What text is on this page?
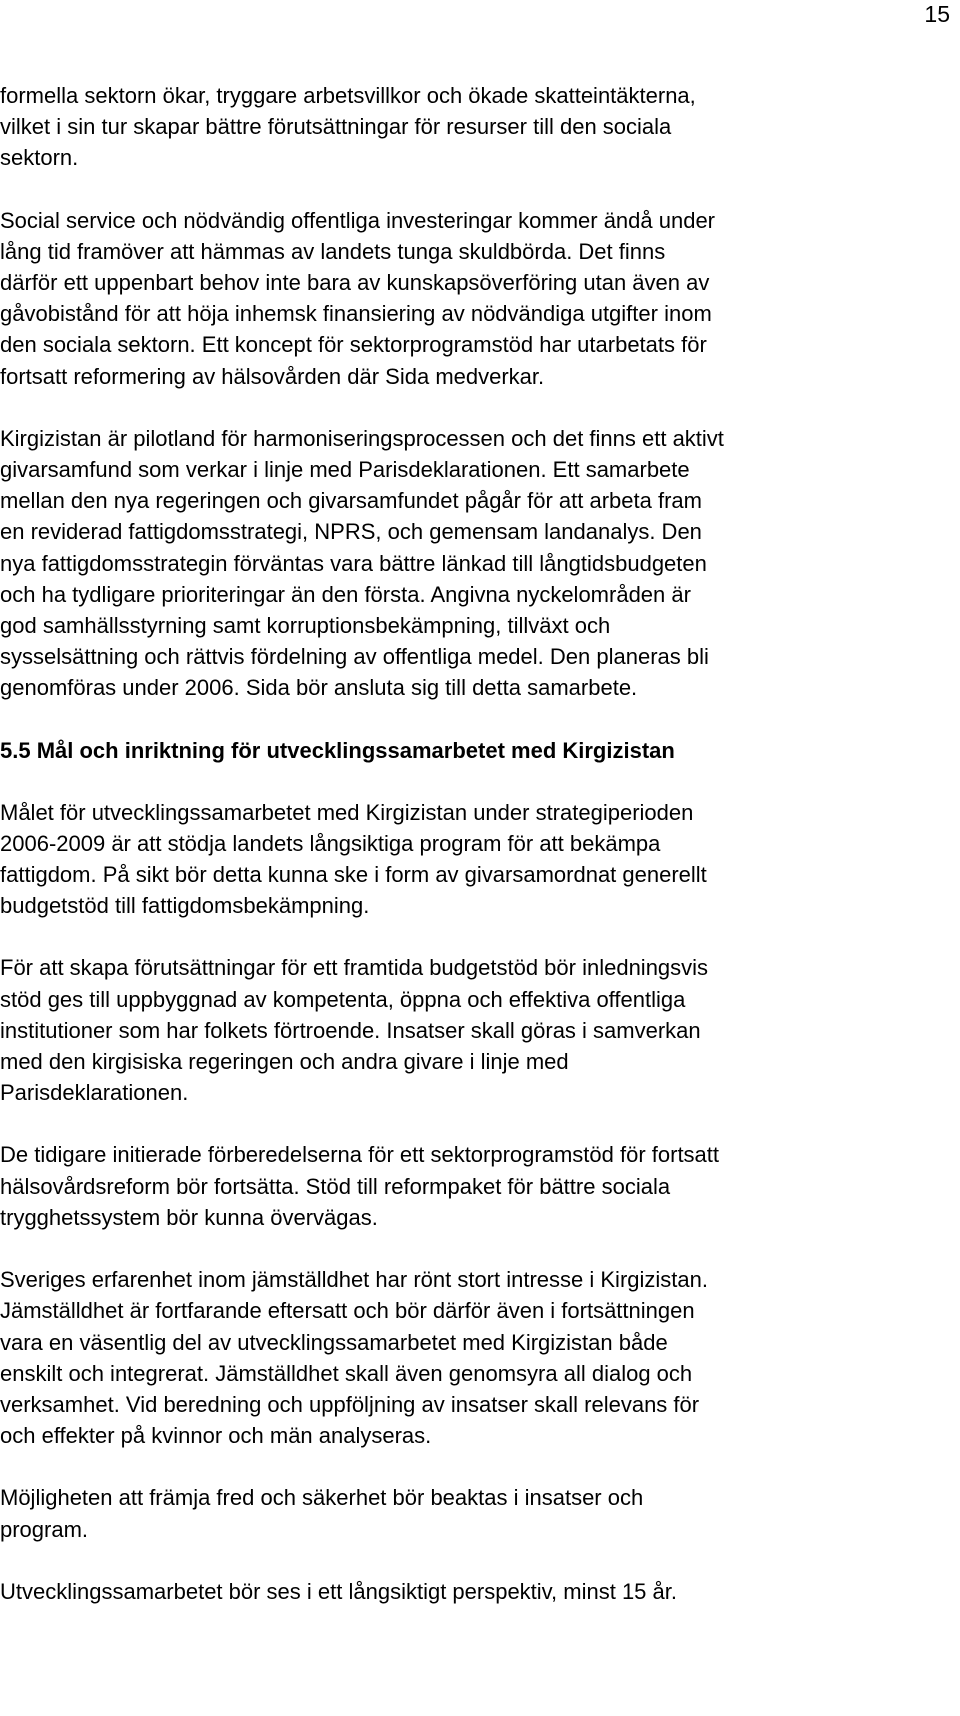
15

formella sektorn ökar, tryggare arbetsvillkor och ökade skatteintäkterna,
vilket i sin tur skapar bättre förutsättningar för resurser till den sociala
sektorn.

Social service och nödvändig offentliga investeringar kommer ändå under
lång tid framöver att hämmas av landets tunga skuldbörda. Det finns
därför ett uppenbart behov inte bara av kunskapsöverföring utan även av
gåvobistånd för att höja inhemsk finansiering av nödvändiga utgifter inom
den sociala sektorn. Ett koncept för sektorprogramstöd har utarbetats för
fortsatt reformering av hälsovården där Sida medverkar.

Kirgizistan är pilotland för harmoniseringsprocessen och det finns ett aktivt
givarsamfund som verkar i linje med Parisdeklarationen. Ett samarbete
mellan den nya regeringen och givarsamfundet pågår för att arbeta fram
en reviderad fattigdomsstrategi, NPRS, och gemensam landanalys. Den
nya fattigdomsstrategin förväntas vara bättre länkad till långtidsbudgeten
och ha tydligare prioriteringar än den första. Angivna nyckelområden är
god samhällsstyrning samt korruptionsbekämpning, tillväxt och
sysselsättning och rättvis fördelning av offentliga medel. Den planeras bli
genomföras under 2006. Sida bör ansluta sig till detta samarbete.

5.5 Mål och inriktning för utvecklingssamarbetet med Kirgizistan

Målet för utvecklingssamarbetet med Kirgizistan under strategiperioden
2006-2009 är att stödja landets långsiktiga program för att bekämpa
fattigdom. På sikt bör detta kunna ske i form av givarsamordnat generellt
budgetstöd till fattigdomsbekämpning.

För att skapa förutsättningar för ett framtida budgetstöd bör inledningsvis
stöd ges till uppbyggnad av kompetenta, öppna och effektiva offentliga
institutioner som har folkets förtroende. Insatser skall göras i samverkan
med den kirgisiska regeringen och andra givare i linje med
Parisdeklarationen.

De tidigare initierade förberedelserna för ett sektorprogramstöd för fortsatt
hälsovårdsreform bör fortsätta. Stöd till reformpaket för bättre sociala
trygghetssystem bör kunna övervägas.

Sveriges erfarenhet inom jämställdhet har rönt stort intresse i Kirgizistan.
Jämställdhet är fortfarande eftersatt och bör därför även i fortsättningen
vara en väsentlig del av utvecklingssamarbetet med Kirgizistan både
enskilt och integrerat. Jämställdhet skall även genomsyra all dialog och
verksamhet. Vid beredning och uppföljning av insatser skall relevans för
och effekter på kvinnor och män analyseras.

Möjligheten att främja fred och säkerhet bör beaktas i insatser och
program.

Utvecklingssamarbetet bör ses i ett långsiktigt perspektiv, minst 15 år.
